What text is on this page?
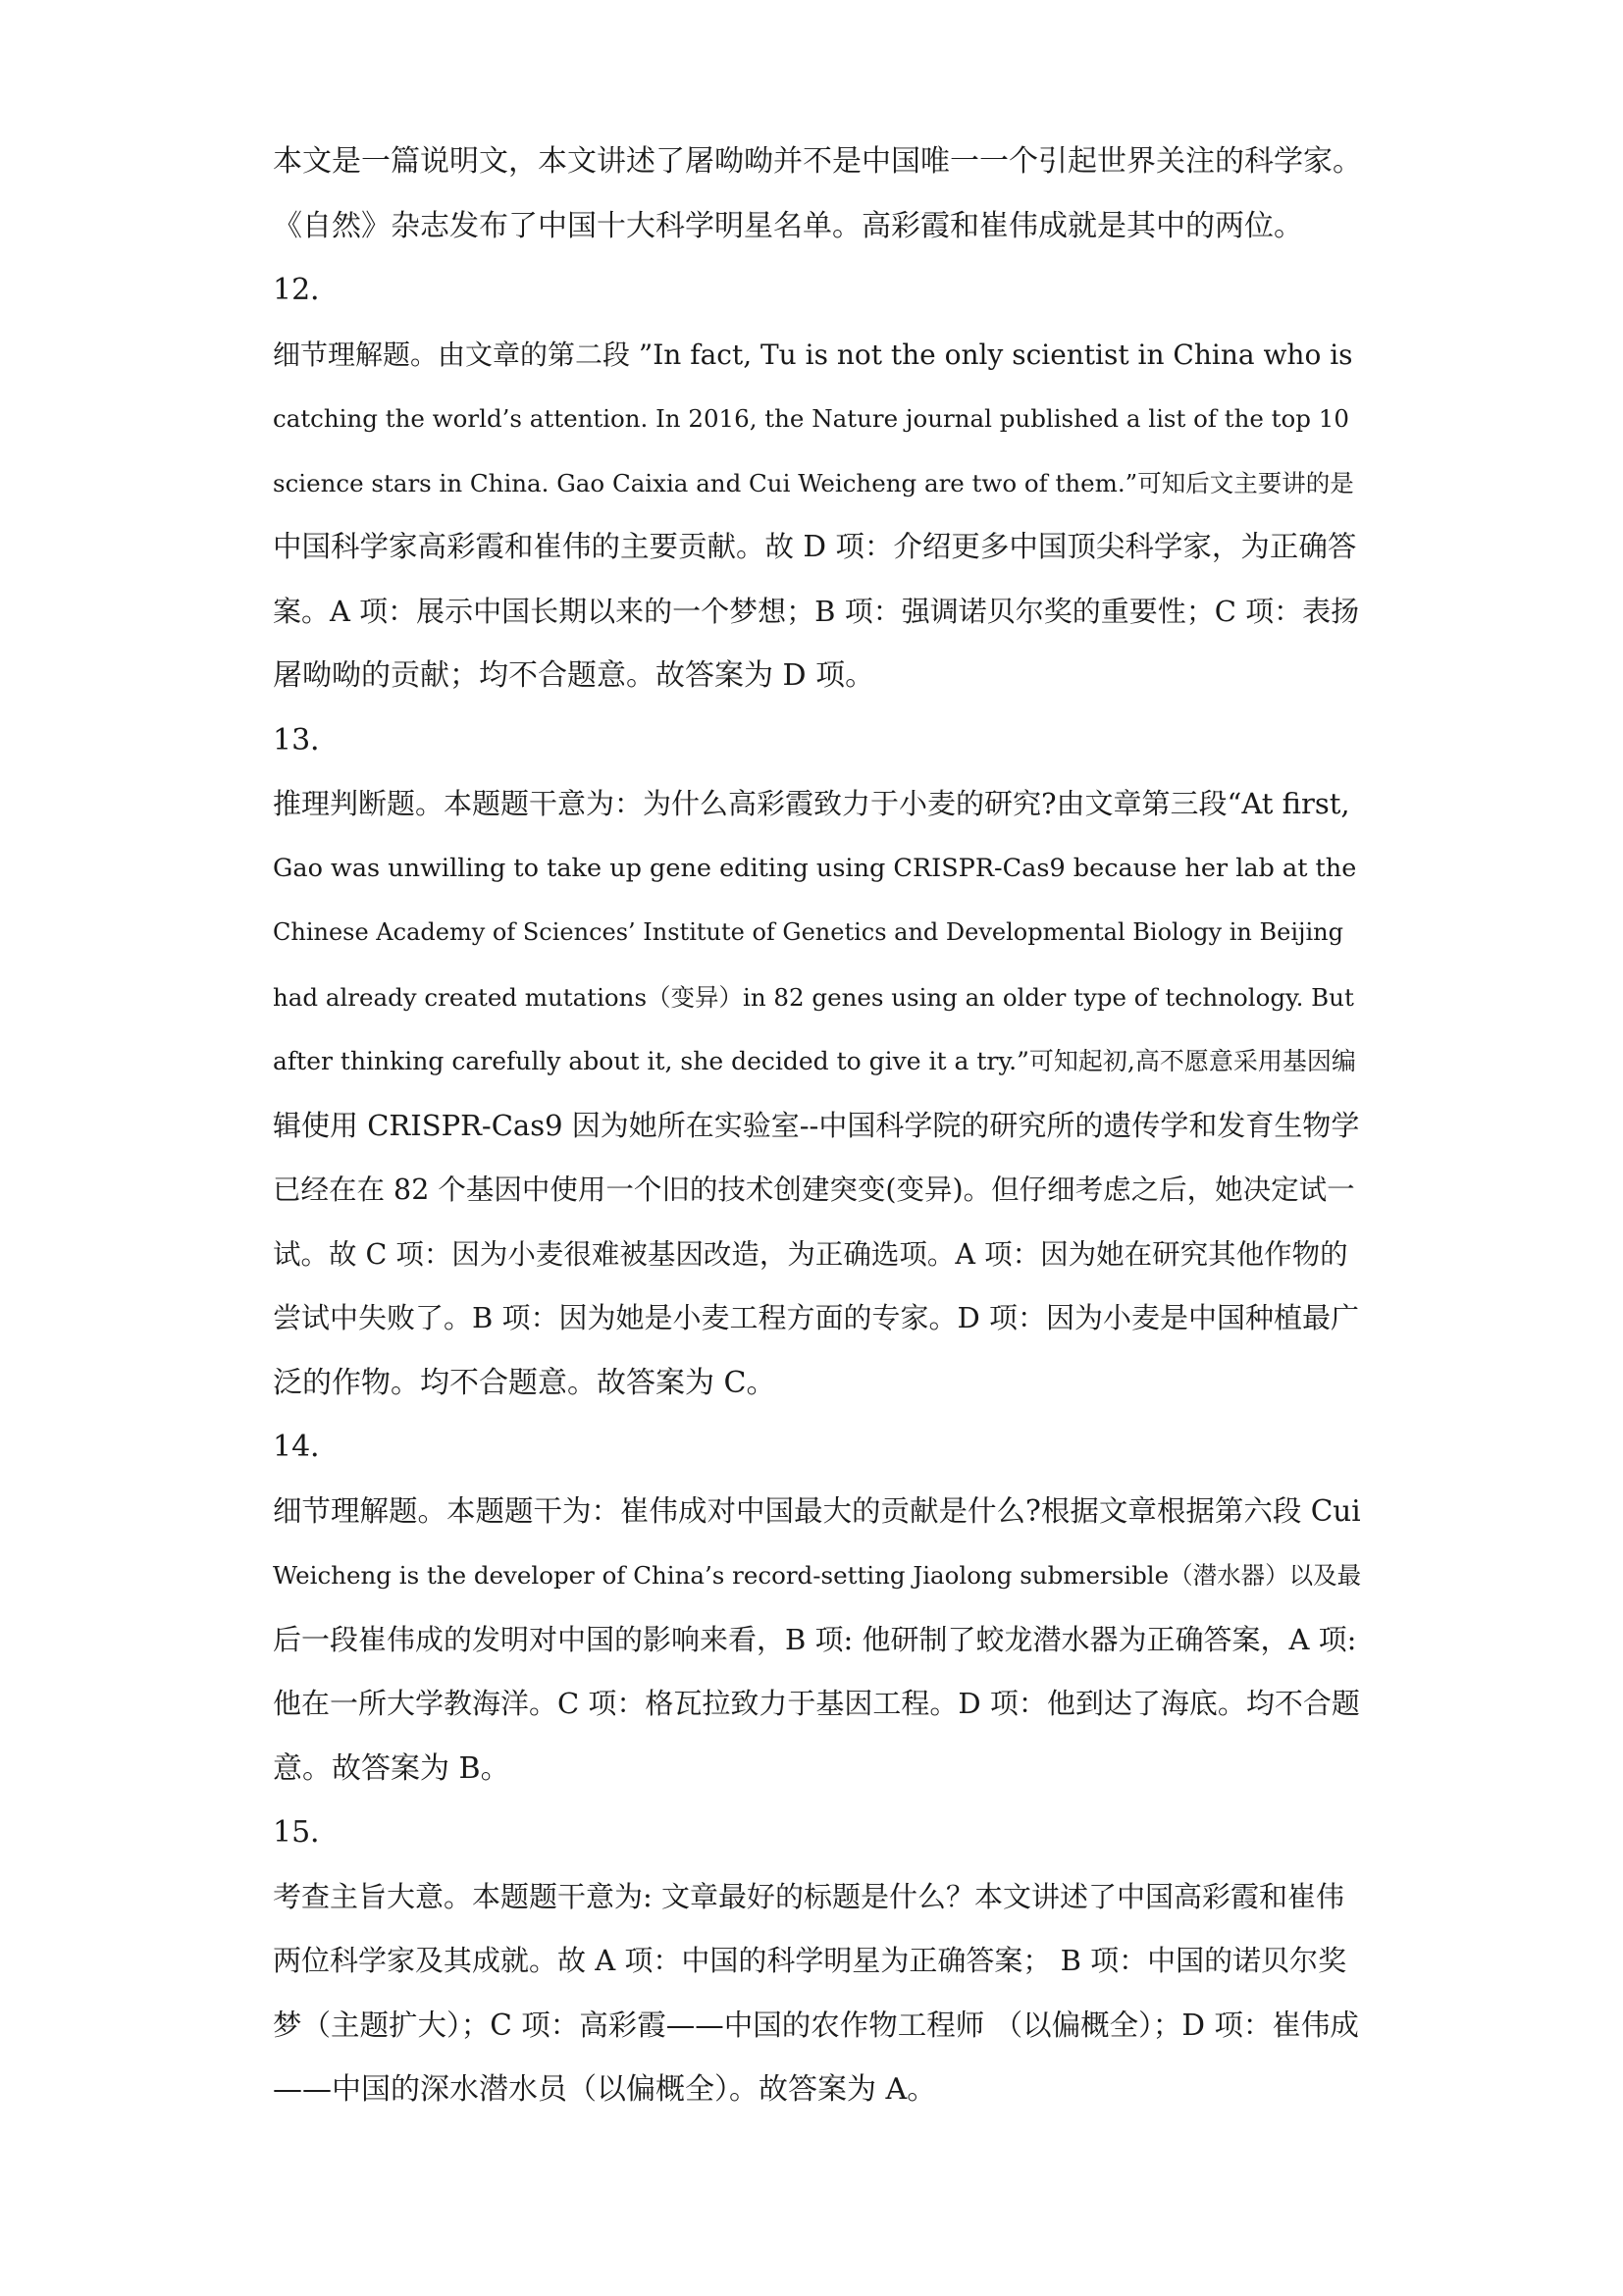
本文是一篇说明文，本文讲述了屠呦呦并不是中国唯一一个引起世界关注的科学家。
《自然》杂志发布了中国十大科学明星名单。高彩霞和崔伟成就是其中的两位。
12．
细节理解题。由文章的第二段 ”In fact, Tu is not the only scientist in China who is
catching the world’s attention. In 2016, the Nature journal published a list of the top 10
science stars in China. Gao Caixia and Cui Weicheng are two of them.”可知后文主要讲的是
中国科学家高彩霞和崔伟的主要贡献。故 D 项：介绍更多中国顶尖科学家，为正确答
案。A 项：展示中国长期以来的一个梦想；B 项：强调诺贝尔奖的重要性；C 项：表扬
屠呦呦的贡献；均不合题意。故答案为 D 项。
13．
推理判断题。本题题干意为：为什么高彩霞致力于小麦的研究?由文章第三段“At first,
Gao was unwilling to take up gene editing using CRISPR-Cas9 because her lab at the
Chinese Academy of Sciences’ Institute of Genetics and Developmental Biology in Beijing
had already created mutations（变异）in 82 genes using an older type of technology. But
after thinking carefully about it, she decided to give it a try.”可知起初,高不愿意采用基因编
辑使用 CRISPR-Cas9 因为她所在实验室--中国科学院的研究所的遗传学和发育生物学
已经在在 82 个基因中使用一个旧的技术创建突变(变异)。但仔细考虑之后，她决定试一
试。故 C 项：因为小麦很难被基因改造，为正确选项。A 项：因为她在研究其他作物的
尝试中失败了。B 项：因为她是小麦工程方面的专家。D 项：因为小麦是中国种植最广
泛的作物。均不合题意。故答案为 C。
14．
细节理解题。本题题干为：崔伟成对中国最大的贡献是什么?根据文章根据第六段 Cui
Weicheng is the developer of China’s record-setting Jiaolong submersible（潜水器）以及最
后一段崔伟成的发明对中国的影响来看，B 项: 他研制了蛟龙潜水器为正确答案，A 项:
他在一所大学教海洋。C 项：格瓦拉致力于基因工程。D 项：他到达了海底。均不合题
意。故答案为 B。
15．
考查主旨大意。本题题干意为: 文章最好的标题是什么？本文讲述了中国高彩霞和崔伟
两位科学家及其成就。故 A 项：中国的科学明星为正确答案； B 项：中国的诺贝尔奖
梦（主题扩大）；C 项：高彩霞——中国的农作物工程师 （以偏概全）；D 项：崔伟成
——中国的深水潜水员（以偏概全）。故答案为 A。
